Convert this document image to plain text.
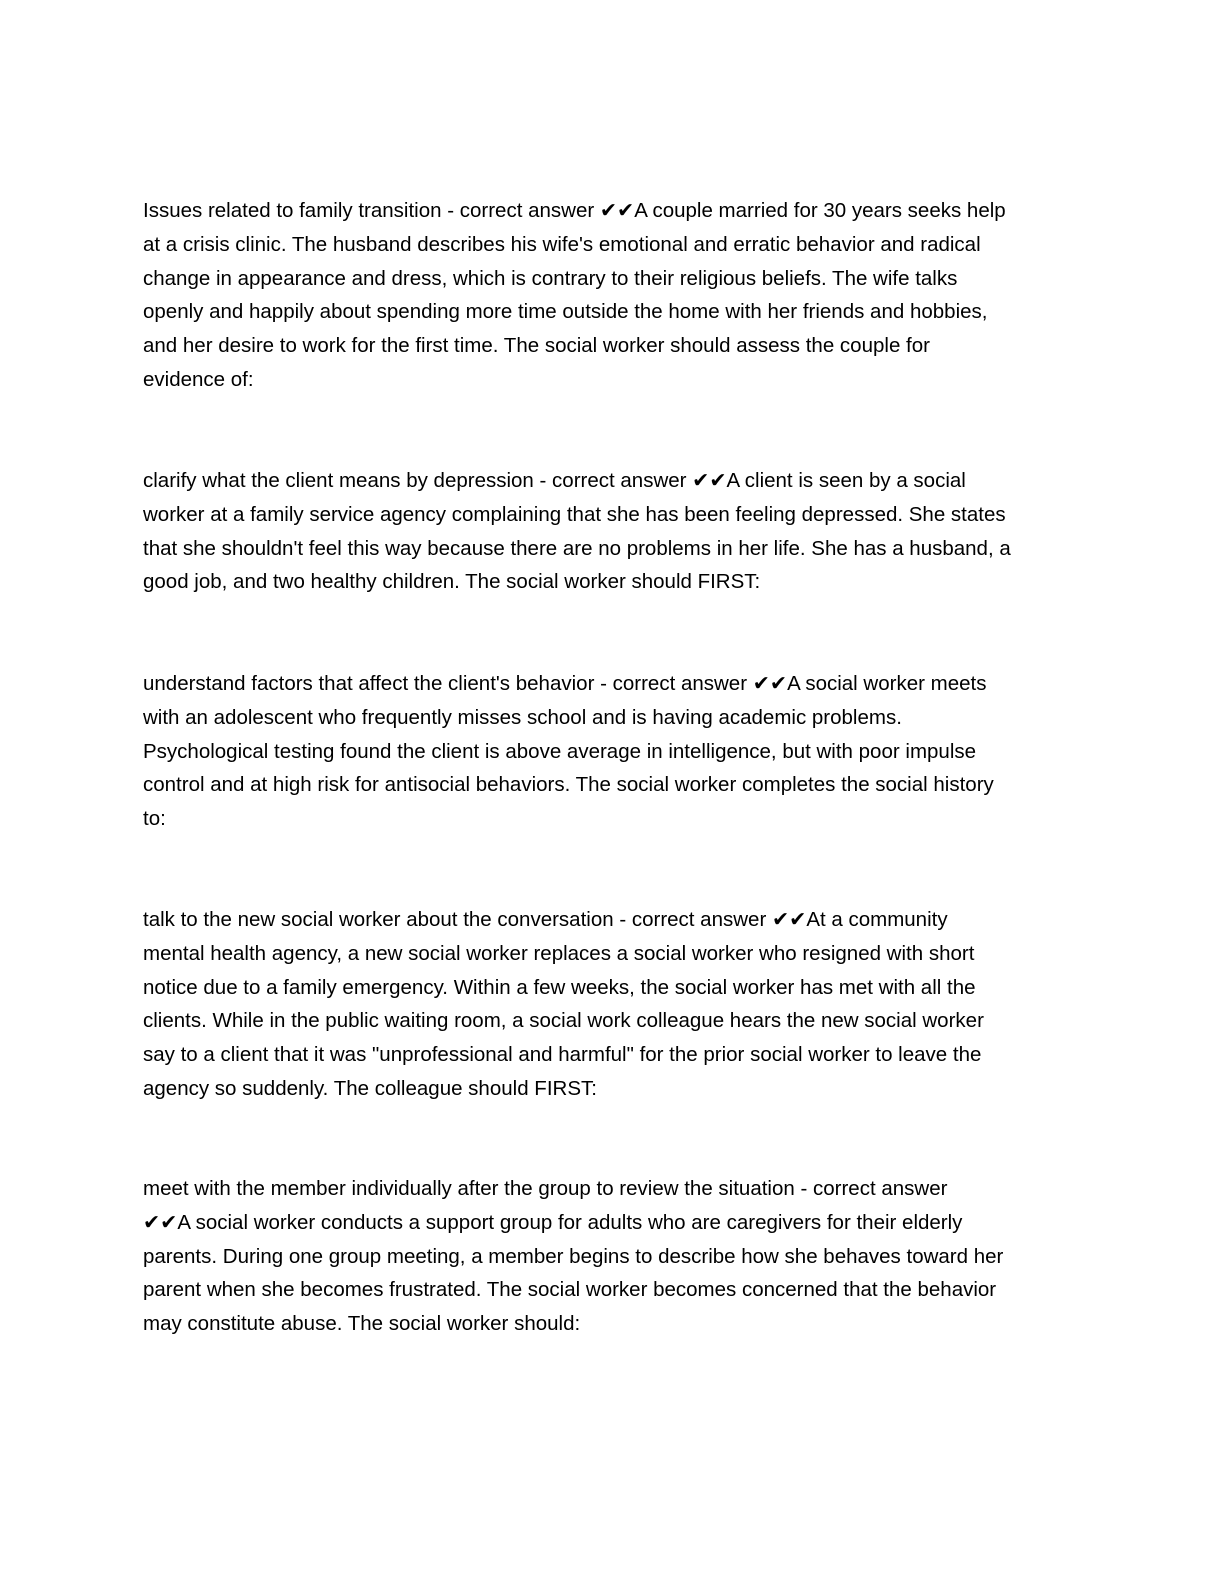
Issues related to family transition - correct answer ✔✔A couple married for 30 years seeks help
at a crisis clinic. The husband describes his wife's emotional and erratic behavior and radical
change in appearance and dress, which is contrary to their religious beliefs. The wife talks
openly and happily about spending more time outside the home with her friends and hobbies,
and her desire to work for the first time. The social worker should assess the couple for
evidence of:

clarify what the client means by depression - correct answer ✔✔A client is seen by a social
worker at a family service agency complaining that she has been feeling depressed. She states
that she shouldn't feel this way because there are no problems in her life. She has a husband, a
good job, and two healthy children. The social worker should FIRST:

understand factors that affect the client's behavior - correct answer ✔✔A social worker meets
with an adolescent who frequently misses school and is having academic problems.
Psychological testing found the client is above average in intelligence, but with poor impulse
control and at high risk for antisocial behaviors. The social worker completes the social history
to:

talk to the new social worker about the conversation - correct answer ✔✔At a community
mental health agency, a new social worker replaces a social worker who resigned with short
notice due to a family emergency. Within a few weeks, the social worker has met with all the
clients. While in the public waiting room, a social work colleague hears the new social worker
say to a client that it was "unprofessional and harmful" for the prior social worker to leave the
agency so suddenly. The colleague should FIRST:

meet with the member individually after the group to review the situation - correct answer
✔✔A social worker conducts a support group for adults who are caregivers for their elderly
parents. During one group meeting, a member begins to describe how she behaves toward her
parent when she becomes frustrated. The social worker becomes concerned that the behavior
may constitute abuse. The social worker should:
